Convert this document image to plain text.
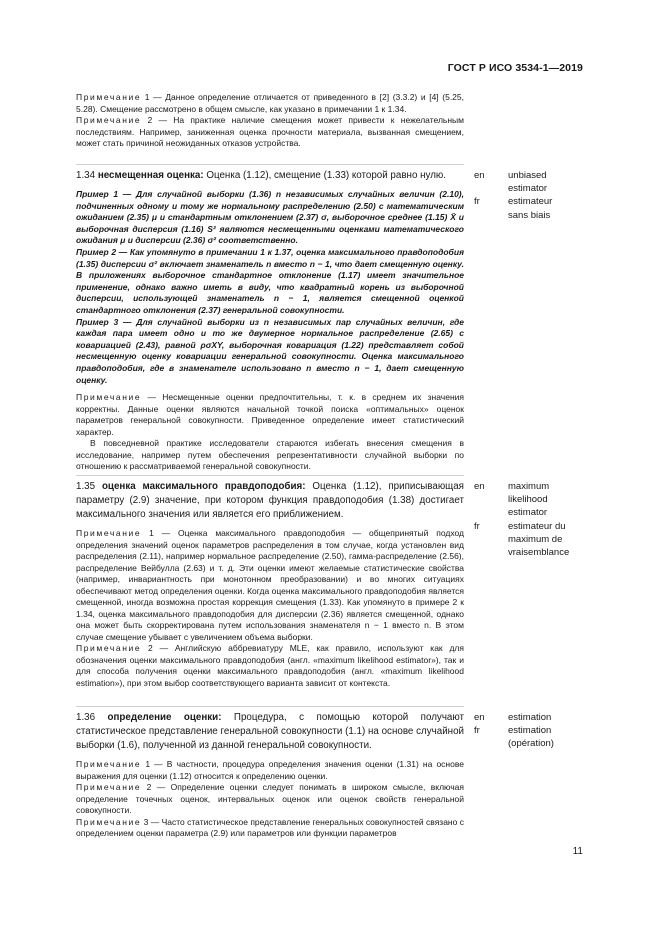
ГОСТ Р ИСО 3534-1—2019

Примечание 1 — Данное определение отличается от приведенного в [2] (3.3.2) и [4] (5.25, 5.28). Смещение рассмотрено в общем смысле, как указано в примечании 1 к 1.34.

Примечание 2 — На практике наличие смещения может привести к нежелательным последствиям. Например, заниженная оценка прочности материала, вызванная смещением, может стать причиной неожиданных отказов устройства.

1.34 несмещенная оценка: Оценка (1.12), смещение (1.33) которой равно нулю.

Пример 1 — Для случайной выборки (1.36) n независимых случайных величин (2.10), подчиненных одному и тому же нормальному распределению (2.50) с математическим ожиданием (2.35) μ и стандартным отклонением (2.37) σ, выборочное среднее (1.15) X̄ и выборочная дисперсия (1.16) S² являются несмещенными оценками математического ожидания μ и дисперсии (2.36) σ² соответственно.

Пример 2 — Как упомянуто в примечании 1 к 1.37, оценка максимального правдоподобия (1.35) дисперсии σ² включает знаменатель n вместо n − 1, что дает смещенную оценку. В приложениях выборочное стандартное отклонение (1.17) имеет значительное применение, однако важно иметь в виду, что квадратный корень из выборочной дисперсии, использующей знаменатель n − 1, является смещенной оценкой стандартного отклонения (2.37) генеральной совокупности.

Пример 3 — Для случайной выборки из n независимых пар случайных величин, где каждая пара имеет одно и то же двумерное нормальное распределение (2.65) с ковариацией (2.43), равной ρσXY, выборочная ковариация (1.22) представляет собой несмещенную оценку ковариации генеральной совокупности. Оценка максимального правдоподобия, где в знаменателе использовано n вместо n − 1, дает смещенную оценку.

Примечание — Несмещенные оценки предпочтительны, т. к. в среднем их значения корректны. Данные оценки являются начальной точкой поиска «оптимальных» оценок параметров генеральной совокупности. Приведенное определение имеет статистический характер.

В повседневной практике исследователи стараются избегать внесения смещения в исследование, например путем обеспечения репрезентативности случайной выборки по отношению к рассматриваемой генеральной совокупности.

en	unbiased
estimator
fr	estimateur
sans biais

1.35 оценка максимального правдоподобия: Оценка (1.12), приписывающая параметру (2.9) значение, при котором функция правдоподобия (1.38) достигает максимального значения или является его приближением.

Примечание 1 — Оценка максимального правдоподобия — общепринятый подход определения значений оценок параметров распределения в том случае, когда установлен вид распределения (2.11), например нормальное распределение (2.50), гамма-распределение (2.56), распределение Вейбулла (2.63) и т. д. Эти оценки имеют желаемые статистические свойства (например, инвариантность при монотонном преобразовании) и во многих ситуациях обеспечивают метод определения оценки. Когда оценка максимального правдоподобия является смещенной, иногда возможна простая коррекция смещения (1.33). Как упомянуто в примере 2 к 1.34, оценка максимального правдоподобия для дисперсии (2.36) является смещенной, однако она может быть скорректирована путем использования знаменателя n − 1 вместо n. В этом случае смещение убывает с увеличением объема выборки.

Примечание 2 — Английскую аббревиатуру MLE, как правило, используют как для обозначения оценки максимального правдоподобия (англ. «maximum likelihood estimator»), так и для способа получения оценки максимального правдоподобия (англ. «maximum likelihood estimation»), при этом выбор соответствующего варианта зависит от контекста.

en	maximum
likelihood
estimator
fr	estimateur du
maximum de
vraisemblance

1.36 определение оценки: Процедура, с помощью которой получают статистическое представление генеральной совокупности (1.1) на основе случайной выборки (1.6), полученной из данной генеральной совокупности.

Примечание 1 — В частности, процедура определения значения оценки (1.31) на основе выражения для оценки (1.12) относится к определению оценки.

Примечание 2 — Определение оценки следует понимать в широком смысле, включая определение точечных оценок, интервальных оценок или оценок свойств генеральной совокупности.

Примечание 3 — Часто статистическое представление генеральных совокупностей связано с определением оценки параметра (2.9) или параметров или функции параметров

en	estimation
fr	estimation
(opération)
11
